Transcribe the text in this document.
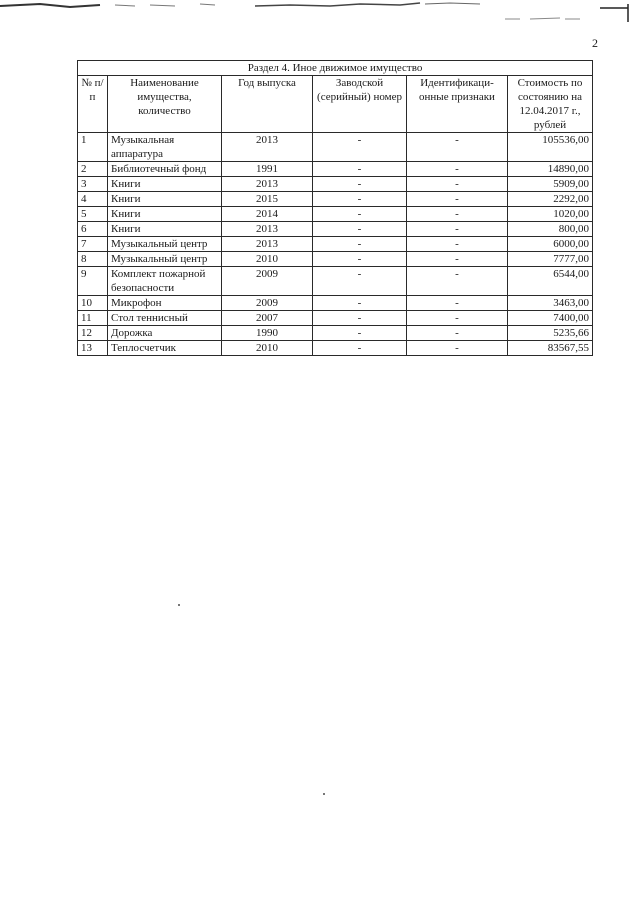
2
Раздел 4. Иное движимое имущество					
№ п/п	Наименование имущества, количество	Год выпуска	Заводской (серийный) номер	Идентификаци-онные признаки	Стоимость по состоянию на 12.04.2017 г., рублей
1	Музыкальная аппаратура	2013	-	-	105536,00
2	Библиотечный фонд	1991	-	-	14890,00
3	Книги	2013	-	-	5909,00
4	Книги	2015	-	-	2292,00
5	Книги	2014	-	-	1020,00
6	Книги	2013	-	-	800,00
7	Музыкальный центр	2013	-	-	6000,00
8	Музыкальный центр	2010	-	-	7777,00
9	Комплект пожарной безопасности	2009	-	-	6544,00
10	Микрофон	2009	-	-	3463,00
11	Стол теннисный	2007	-	-	7400,00
12	Дорожка	1990	-	-	5235,66
13	Теплосчетчик	2010	-	-	83567,55
